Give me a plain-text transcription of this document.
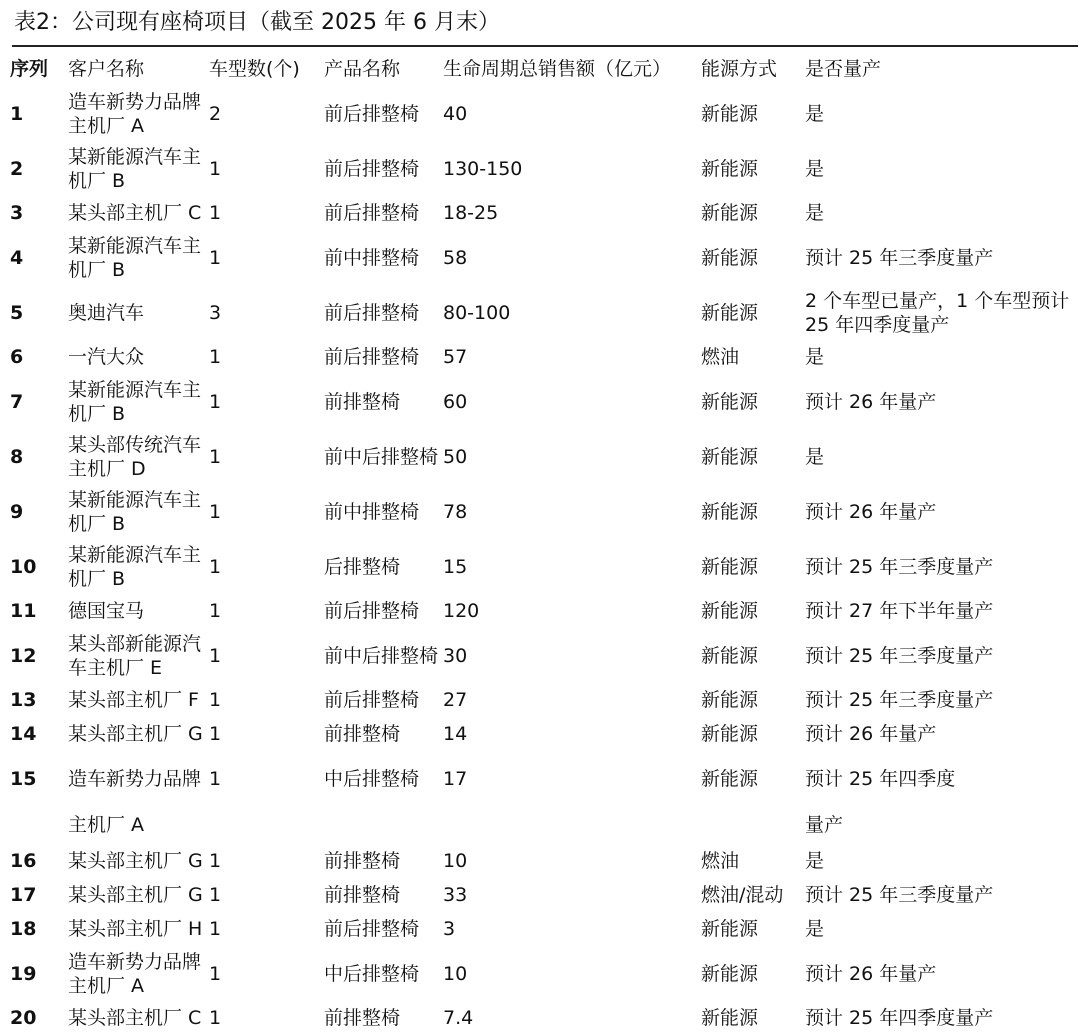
表2：公司现有座椅项目（截至 2025 年 6 月末）
序列	客户名称	车型数(个)	产品名称	生命周期总销售额（亿元）	能源方式	是否量产
1	造车新势力品牌主机厂 A	2	前后排整椅	40	新能源	是
2	某新能源汽车主机厂 B	1	前后排整椅	130-150	新能源	是
3	某头部主机厂 C	1	前后排整椅	18-25	新能源	是
4	某新能源汽车主机厂 B	1	前中排整椅	58	新能源	预计 25 年三季度量产
5	奥迪汽车	3	前后排整椅	80-100	新能源	2 个车型已量产，1 个车型预计 25 年四季度量产
6	一汽大众	1	前后排整椅	57	燃油	是
7	某新能源汽车主机厂 B	1	前排整椅	60	新能源	预计 26 年量产
8	某头部传统汽车主机厂 D	1	前中后排整椅	50	新能源	是
9	某新能源汽车主机厂 B	1	前中排整椅	78	新能源	预计 26 年量产
10	某新能源汽车主机厂 B	1	后排整椅	15	新能源	预计 25 年三季度量产
11	德国宝马	1	前后排整椅	120	新能源	预计 27 年下半年量产
12	某头部新能源汽车主机厂 E	1	前中后排整椅	30	新能源	预计 25 年三季度量产
13	某头部主机厂 F	1	前后排整椅	27	新能源	预计 25 年三季度量产
14	某头部主机厂 G	1	前排整椅	14	新能源	预计 26 年量产
15	造车新势力品牌	1	中后排整椅	17	新能源	预计 25 年四季度
	主机厂 A					量产
16	某头部主机厂 G	1	前排整椅	10	燃油	是
17	某头部主机厂 G	1	前排整椅	33	燃油/混动	预计 25 年三季度量产
18	某头部主机厂 H	1	前后排整椅	3	新能源	是
19	造车新势力品牌主机厂 A	1	中后排整椅	10	新能源	预计 26 年量产
20	某头部主机厂 C	1	前排整椅	7.4	新能源	预计 25 年四季度量产
